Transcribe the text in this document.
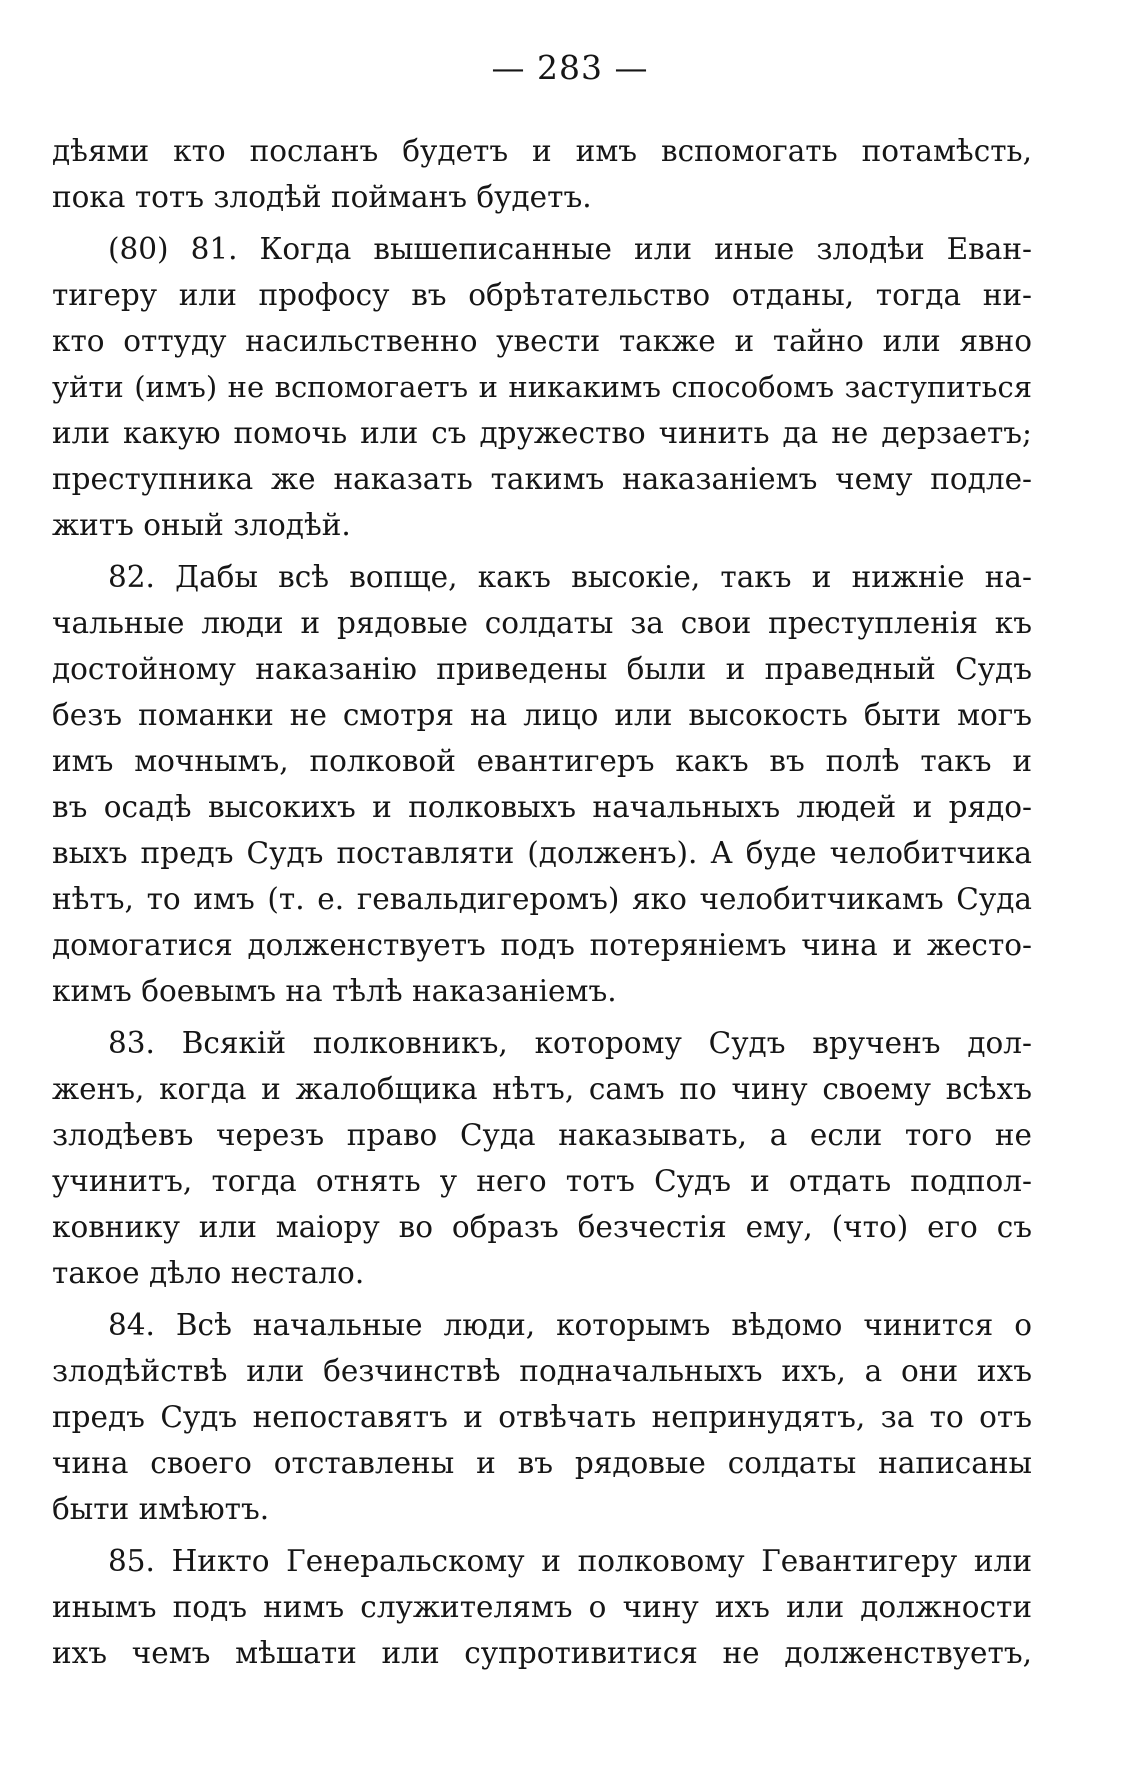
— 283 —
дѣями кто посланъ будетъ и имъ вспомогать потамѣсть,
пока тотъ злодѣй пойманъ будетъ.
(80) 81. Когда вышеписанные или иные злодѣи Еван-
тигеру или профосу въ обрѣтательство отданы, тогда ни-
кто оттуду насильственно увести также и тайно или явно
уйти (имъ) не вспомогаетъ и никакимъ способомъ заступиться
или какую помочь или съ дружество чинить да не дерзаетъ;
преступника же наказать такимъ наказаніемъ чему подле-
житъ оный злодѣй.
82. Дабы всѣ вопще, какъ высокіе, такъ и нижніе на-
чальные люди и рядовые солдаты за свои преступленія къ
достойному наказанію приведены были и праведный Судъ
безъ поманки не смотря на лицо или высокость быти могъ
имъ мочнымъ, полковой евантигеръ какъ въ полѣ такъ и
въ осадѣ высокихъ и полковыхъ начальныхъ людей и рядо-
выхъ предъ Судъ поставляти (долженъ). А буде челобитчика
нѣтъ, то имъ (т. е. гевальдигеромъ) яко челобитчикамъ Суда
домогатися долженствуетъ подъ потеряніемъ чина и жесто-
кимъ боевымъ на тѣлѣ наказаніемъ.
83. Всякій полковникъ, которому Судъ врученъ дол-
женъ, когда и жалобщика нѣтъ, самъ по чину своему всѣхъ
злодѣевъ черезъ право Суда наказывать, а если того не
учинитъ, тогда отнять у него тотъ Судъ и отдать подпол-
ковнику или маіору во образъ безчестія ему, (что) его съ
такое дѣло нестало.
84. Всѣ начальные люди, которымъ вѣдомо чинится о
злодѣйствѣ или безчинствѣ подначальныхъ ихъ, а они ихъ
предъ Судъ непоставятъ и отвѣчать непринудятъ, за то отъ
чина своего отставлены и въ рядовые солдаты написаны
быти имѣютъ.
85. Никто Генеральскому и полковому Гевантигеру или
инымъ подъ нимъ служителямъ о чину ихъ или должности
ихъ чемъ мѣшати или супротивитися не долженствуетъ,
